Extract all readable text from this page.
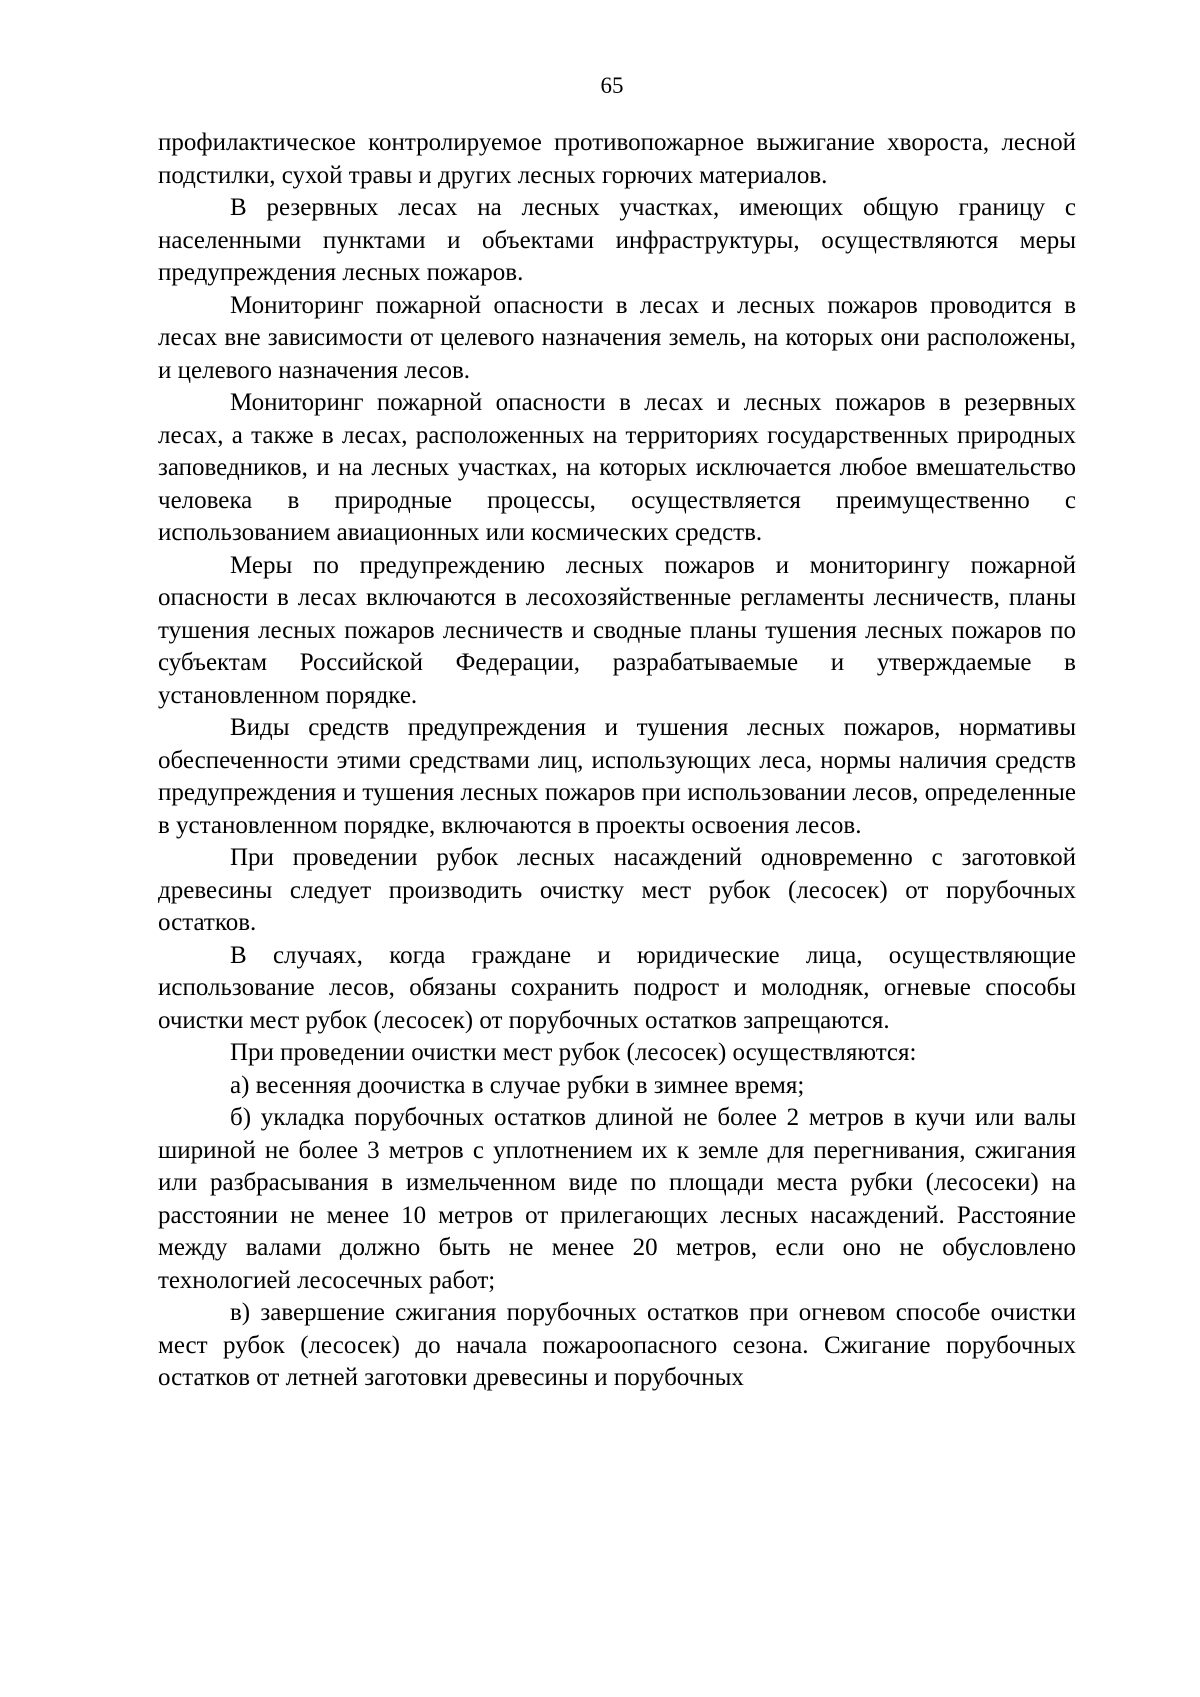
65

профилактическое контролируемое противопожарное выжигание хвороста, лесной подстилки, сухой травы и других лесных горючих материалов.

В резервных лесах на лесных участках, имеющих общую границу с населенными пунктами и объектами инфраструктуры, осуществляются меры предупреждения лесных пожаров.

Мониторинг пожарной опасности в лесах и лесных пожаров проводится в лесах вне зависимости от целевого назначения земель, на которых они расположены, и целевого назначения лесов.

Мониторинг пожарной опасности в лесах и лесных пожаров в резервных лесах, а также в лесах, расположенных на территориях государственных природных заповедников, и на лесных участках, на которых исключается любое вмешательство человека в природные процессы, осуществляется преимущественно с использованием авиационных или космических средств.

Меры по предупреждению лесных пожаров и мониторингу пожарной опасности в лесах включаются в лесохозяйственные регламенты лесничеств, планы тушения лесных пожаров лесничеств и сводные планы тушения лесных пожаров по субъектам Российской Федерации, разрабатываемые и утверждаемые в установленном порядке.

Виды средств предупреждения и тушения лесных пожаров, нормативы обеспеченности этими средствами лиц, использующих леса, нормы наличия средств предупреждения и тушения лесных пожаров при использовании лесов, определенные в установленном порядке, включаются в проекты освоения лесов.

При проведении рубок лесных насаждений одновременно с заготовкой древесины следует производить очистку мест рубок (лесосек) от порубочных остатков.

В случаях, когда граждане и юридические лица, осуществляющие использование лесов, обязаны сохранить подрост и молодняк, огневые способы очистки мест рубок (лесосек) от порубочных остатков запрещаются.

При проведении очистки мест рубок (лесосек) осуществляются:

а) весенняя доочистка в случае рубки в зимнее время;

б) укладка порубочных остатков длиной не более 2 метров в кучи или валы шириной не более 3 метров с уплотнением их к земле для перегнивания, сжигания или разбрасывания в измельченном виде по площади места рубки (лесосеки) на расстоянии не менее 10 метров от прилегающих лесных насаждений. Расстояние между валами должно быть не менее 20 метров, если оно не обусловлено технологией лесосечных работ;

в) завершение сжигания порубочных остатков при огневом способе очистки мест рубок (лесосек) до начала пожароопасного сезона. Сжигание порубочных остатков от летней заготовки древесины и порубочных
